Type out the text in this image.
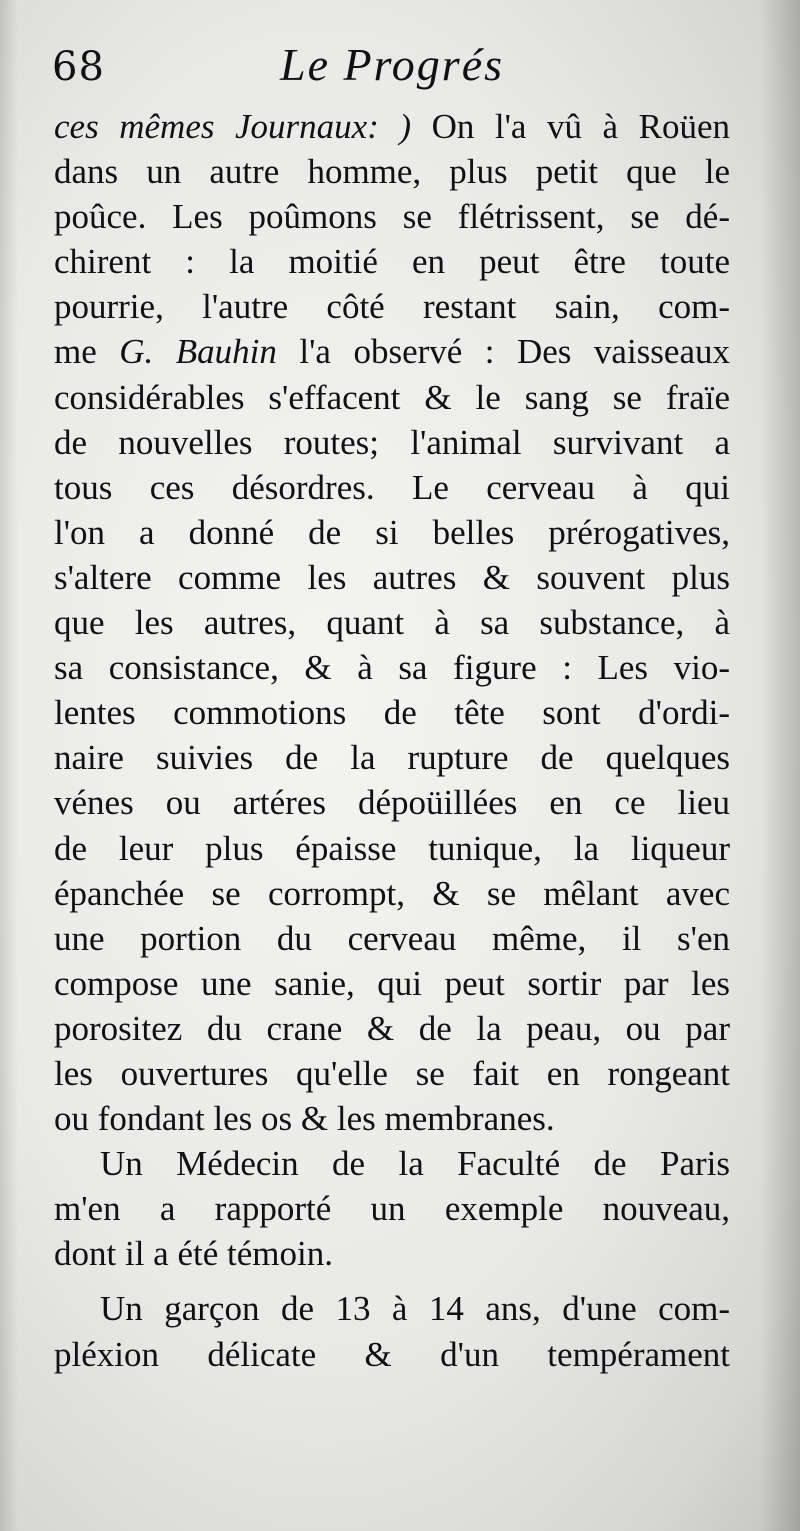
68	Le Progrés
ces mêmes Journaux: ) On l'a vû à Roüen
dans un autre homme, plus petit que le
poûce. Les poûmons se flétrissent, se dé-
chirent : la moitié en peut être toute
pourrie, l'autre côté restant sain, com-
me G. Bauhin l'a observé : Des vaisseaux
considérables s'effacent & le sang se fraïe
de nouvelles routes; l'animal survivant a
tous ces désordres. Le cerveau à qui
l'on a donné de si belles prérogatives,
s'altere comme les autres & souvent plus
que les autres, quant à sa substance, à
sa consistance, & à sa figure : Les vio-
lentes commotions de tête sont d'ordi-
naire suivies de la rupture de quelques
vénes ou artéres dépoüillées en ce lieu
de leur plus épaisse tunique, la liqueur
épanchée se corrompt, & se mêlant avec
une portion du cerveau même, il s'en
compose une sanie, qui peut sortir par les
porositez du crane & de la peau, ou par
les ouvertures qu'elle se fait en rongeant
ou fondant les os & les membranes.
Un Médecin de la Faculté de Paris
m'en a rapporté un exemple nouveau,
dont il a été témoin.
Un garçon de 13 à 14 ans, d'une com-
pléxion délicate & d'un tempérament
